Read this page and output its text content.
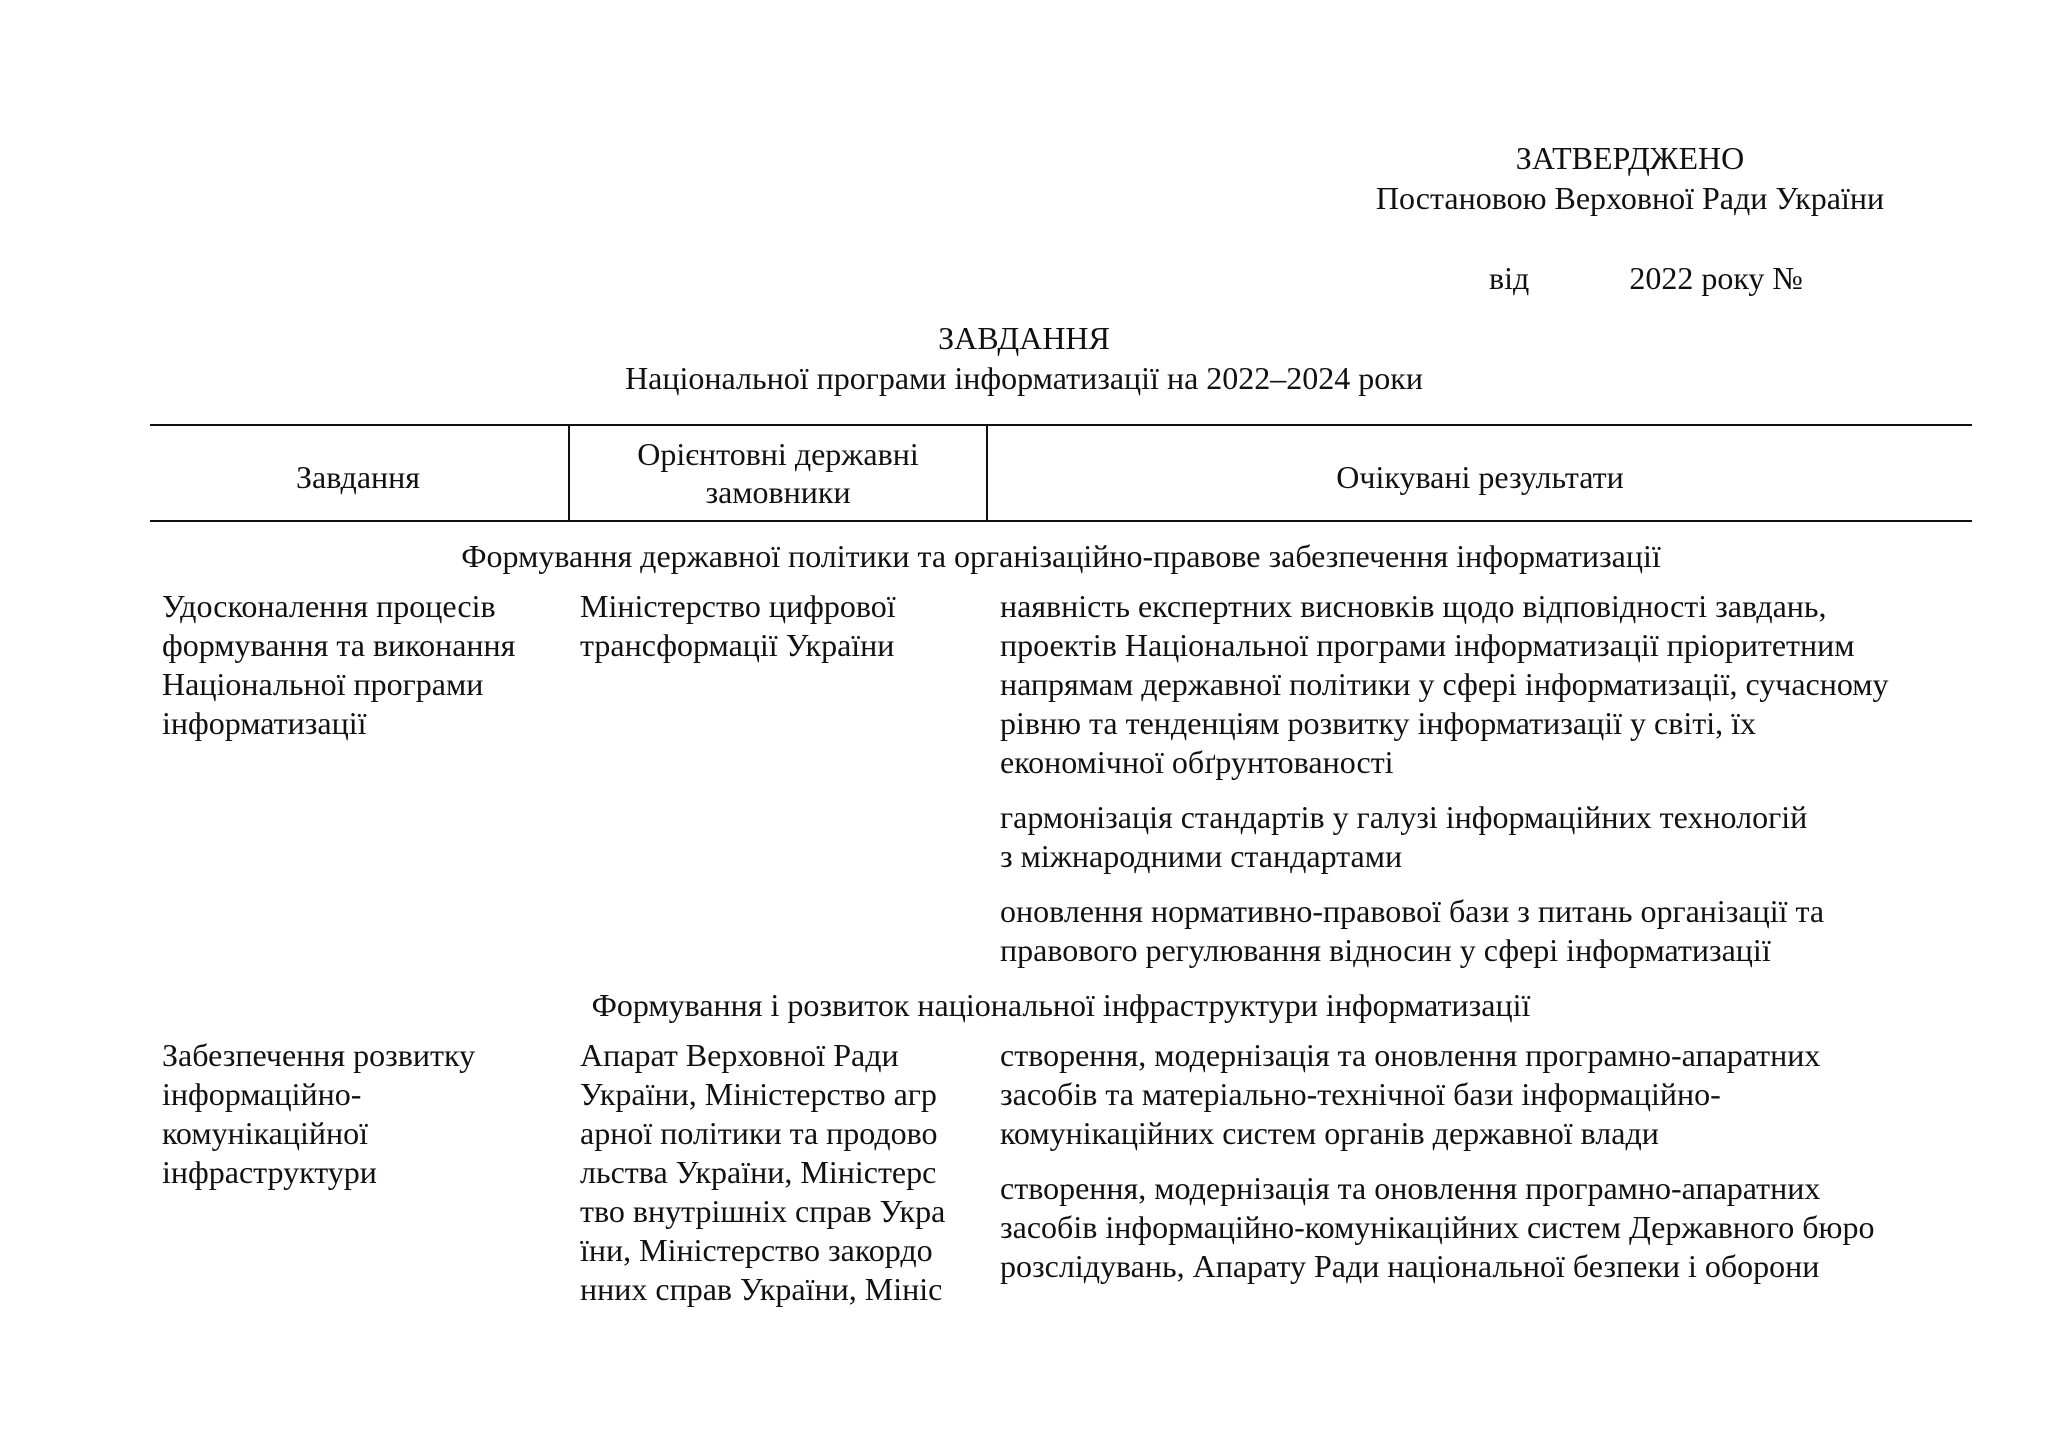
ЗАТВЕРДЖЕНО
Постановою Верховної Ради України

від	2022 року №

ЗАВДАННЯ
Національної програми інформатизації на 2022–2024 роки
Завдання
Орієнтовні державні
замовники	Очікувані результати
Формування державної політики та організаційно-правове забезпечення інформатизації
Удосконалення процесів
формування та виконання
Національної програми
інформатизації
Міністерство цифрової
трансформації України
наявність експертних висновків щодо відповідності завдань,
проектів Національної програми інформатизації пріоритетним
напрямам державної політики у сфері інформатизації, сучасному
рівню та тенденціям розвитку інформатизації у світі, їх
економічної обґрунтованості
гармонізація стандартів у галузі інформаційних технологій
з міжнародними стандартами
оновлення нормативно-правової бази з питань організації та
правового регулювання відносин у сфері інформатизації
Формування і розвиток національної інфраструктури інформатизації
Забезпечення розвитку
інформаційно-
комунікаційної
інфраструктури
Апарат Верховної Ради
України, Міністерство агр
арної політики та продово
льства України, Міністерс
тво внутрішніх справ Укра
їни, Міністерство закордо
нних справ України, Мініс
створення, модернізація та оновлення програмно-апаратних
засобів та матеріально-технічної бази інформаційно-
комунікаційних систем органів державної влади
створення, модернізація та оновлення програмно-апаратних
засобів інформаційно-комунікаційних систем Державного бюро
розслідувань, Апарату Ради національної безпеки і оборони
